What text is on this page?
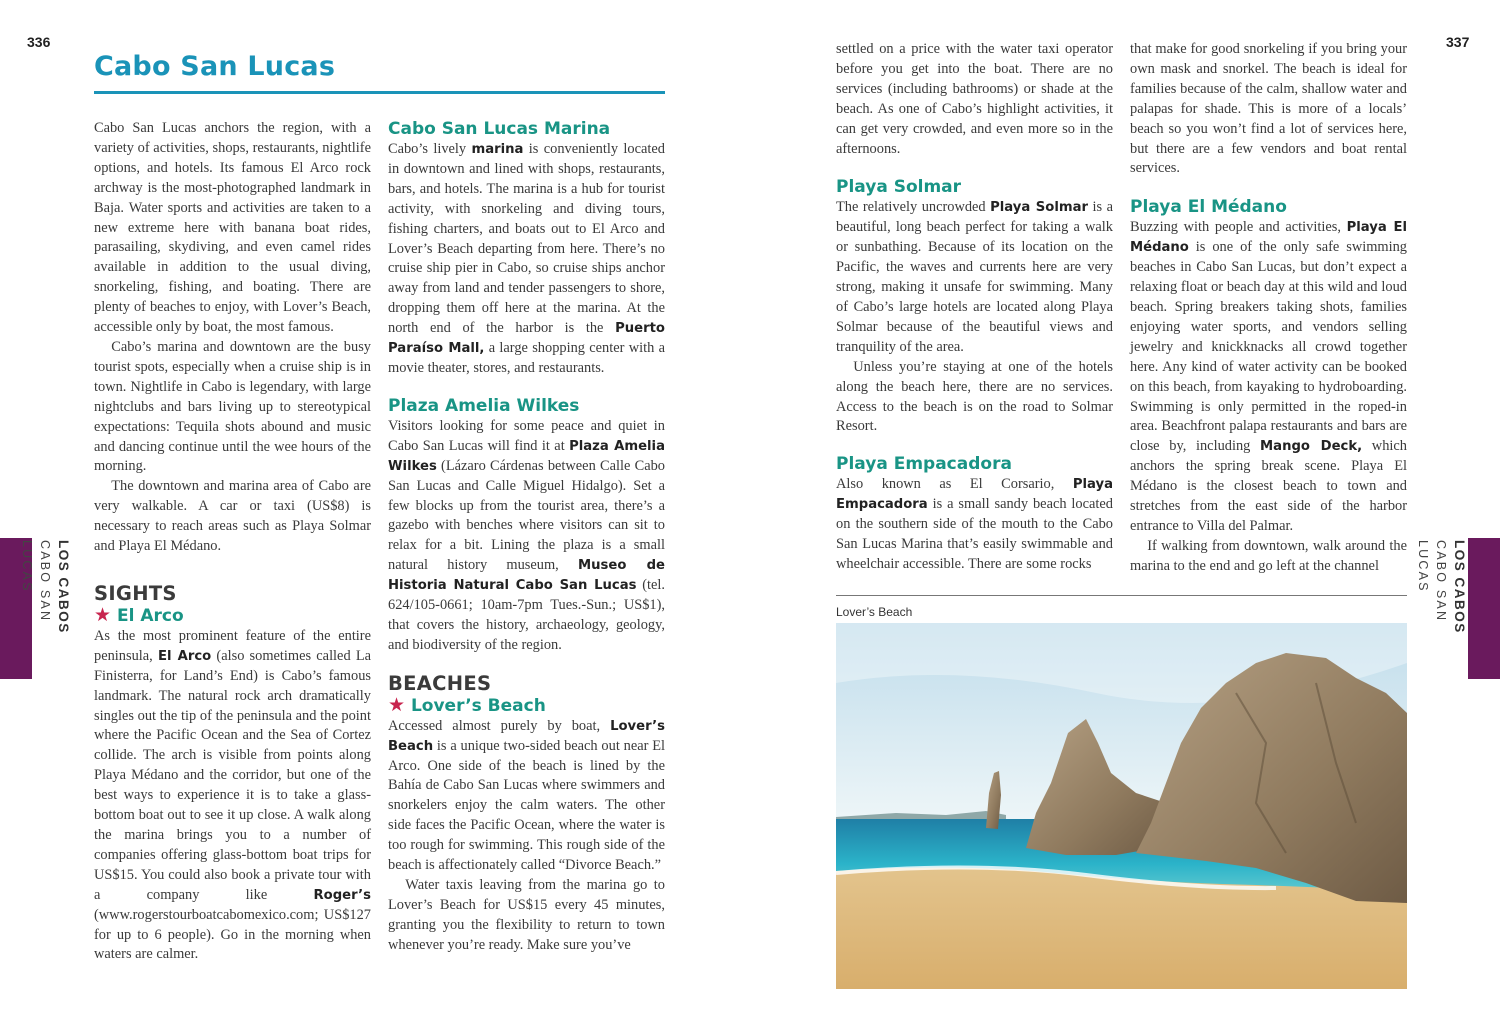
336	337
Cabo San Lucas
LOS CABOS CABO SAN LUCAS	LOS CABOS CABO SAN LUCAS

Cabo San Lucas anchors the region, with a variety of activities, shops, restaurants, nightlife options, and hotels. Its famous El Arco rock archway is the most-photographed landmark in Baja. Water sports and activities are taken to a new extreme here with banana boat rides, parasailing, skydiving, and even camel rides available in addition to the usual diving, snorkeling, fishing, and boating. There are plenty of beaches to enjoy, with Lover’s Beach, accessible only by boat, the most famous.

Cabo’s marina and downtown are the busy tourist spots, especially when a cruise ship is in town. Nightlife in Cabo is legendary, with large nightclubs and bars living up to stereotypical expectations: Tequila shots abound and music and dancing continue until the wee hours of the morning.

The downtown and marina area of Cabo are very walkable. A car or taxi (US$8) is necessary to reach areas such as Playa Solmar and Playa El Médano.

SIGHTS
★ El Arco

As the most prominent feature of the entire peninsula, El Arco (also sometimes called La Finisterra, for Land’s End) is Cabo’s famous landmark. The natural rock arch dramatically singles out the tip of the peninsula and the point where the Pacific Ocean and the Sea of Cortez collide. The arch is visible from points along Playa Médano and the corridor, but one of the best ways to experience it is to take a glass-bottom boat out to see it up close. A walk along the marina brings you to a number of companies offering glass-bottom boat trips for US$15. You could also book a private tour with a company like Roger’s (www.rogerstourboatcabomexico.com; US$127 for up to 6 people). Go in the morning when waters are calmer.

Cabo San Lucas Marina

Cabo’s lively marina is conveniently located in downtown and lined with shops, restaurants, bars, and hotels. The marina is a hub for tourist activity, with snorkeling and diving tours, fishing charters, and boats out to El Arco and Lover’s Beach departing from here. There’s no cruise ship pier in Cabo, so cruise ships anchor away from land and tender passengers to shore, dropping them off here at the marina. At the north end of the harbor is the Puerto Paraíso Mall, a large shopping center with a movie theater, stores, and restaurants.

Plaza Amelia Wilkes

Visitors looking for some peace and quiet in Cabo San Lucas will find it at Plaza Amelia Wilkes (Lázaro Cárdenas between Calle Cabo San Lucas and Calle Miguel Hidalgo). Set a few blocks up from the tourist area, there’s a gazebo with benches where visitors can sit to relax for a bit. Lining the plaza is a small natural history museum, Museo de Historia Natural Cabo San Lucas (tel. 624/105-0661; 10am-7pm Tues.-Sun.; US$1), that covers the history, archaeology, geology, and biodiversity of the region.

BEACHES
★ Lover’s Beach

Accessed almost purely by boat, Lover’s Beach is a unique two-sided beach out near El Arco. One side of the beach is lined by the Bahía de Cabo San Lucas where swimmers and snorkelers enjoy the calm waters. The other side faces the Pacific Ocean, where the water is too rough for swimming. This rough side of the beach is affectionately called “Divorce Beach.”

Water taxis leaving from the marina go to Lover’s Beach for US$15 every 45 minutes, granting you the flexibility to return to town whenever you’re ready. Make sure you’ve

settled on a price with the water taxi operator before you get into the boat. There are no services (including bathrooms) or shade at the beach. As one of Cabo’s highlight activities, it can get very crowded, and even more so in the afternoons.

Playa Solmar

The relatively uncrowded Playa Solmar is a beautiful, long beach perfect for taking a walk or sunbathing. Because of its location on the Pacific, the waves and currents here are very strong, making it unsafe for swimming. Many of Cabo’s large hotels are located along Playa Solmar because of the beautiful views and tranquility of the area.

Unless you’re staying at one of the hotels along the beach here, there are no services. Access to the beach is on the road to Solmar Resort.

Playa Empacadora

Also known as El Corsario, Playa Empacadora is a small sandy beach located on the southern side of the mouth to the Cabo San Lucas Marina that’s easily swimmable and wheelchair accessible. There are some rocks

that make for good snorkeling if you bring your own mask and snorkel. The beach is ideal for families because of the calm, shallow water and palapas for shade. This is more of a locals’ beach so you won’t find a lot of services here, but there are a few vendors and boat rental services.

Playa El Médano

Buzzing with people and activities, Playa El Médano is one of the only safe swimming beaches in Cabo San Lucas, but don’t expect a relaxing float or beach day at this wild and loud beach. Spring breakers taking shots, families enjoying water sports, and vendors selling jewelry and knickknacks all crowd together here. Any kind of water activity can be booked on this beach, from kayaking to hydroboarding. Swimming is only permitted in the roped-in area. Beachfront palapa restaurants and bars are close by, including Mango Deck, which anchors the spring break scene. Playa El Médano is the closest beach to town and stretches from the east side of the harbor entrance to Villa del Palmar.

If walking from downtown, walk around the marina to the end and go left at the channel

Lover’s Beach
